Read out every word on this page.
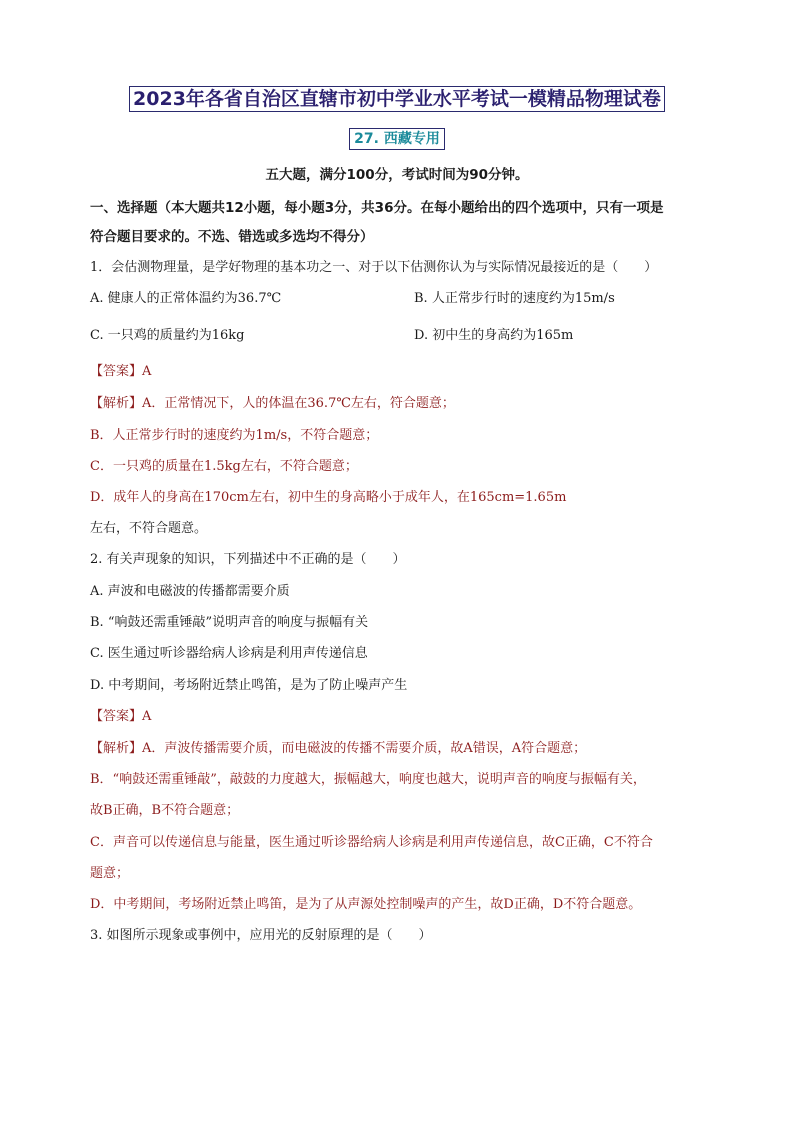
2023年各省自治区直辖市初中学业水平考试一模精品物理试卷
27. 西藏专用
五大题，满分100分，考试时间为90分钟。
一、选择题（本大题共12小题，每小题3分，共36分。在每小题给出的四个选项中，只有一项是
符合题目要求的。不选、错选或多选均不得分）
1．会估测物理量，是学好物理的基本功之一、对于以下估测你认为与实际情况最接近的是（　　）
A. 健康人的正常体温约为36.7℃	B. 人正常步行时的速度约为15m/s
C. 一只鸡的质量约为16kg	D. 初中生的身高约为165m
【答案】A
【解析】A．正常情况下，人的体温在36.7℃左右，符合题意；
B．人正常步行时的速度约为1m/s，不符合题意；
C．一只鸡的质量在1.5kg左右，不符合题意；
D．成年人的身高在170cm左右，初中生的身高略小于成年人，在165cm=1.65m
左右，不符合题意。
2. 有关声现象的知识，下列描述中不正确的是（　　）
A. 声波和电磁波的传播都需要介质
B. “响鼓还需重锤敲”说明声音的响度与振幅有关
C. 医生通过听诊器给病人诊病是利用声传递信息
D. 中考期间，考场附近禁止鸣笛，是为了防止噪声产生
【答案】A
【解析】A．声波传播需要介质，而电磁波的传播不需要介质，故A错误，A符合题意；
B．“响鼓还需重锤敲”，敲鼓的力度越大，振幅越大，响度也越大，说明声音的响度与振幅有关，
故B正确，B不符合题意；
C．声音可以传递信息与能量，医生通过听诊器给病人诊病是利用声传递信息，故C正确，C不符合
题意；
D．中考期间，考场附近禁止鸣笛，是为了从声源处控制噪声的产生，故D正确，D不符合题意。
3. 如图所示现象或事例中，应用光的反射原理的是（　　）
